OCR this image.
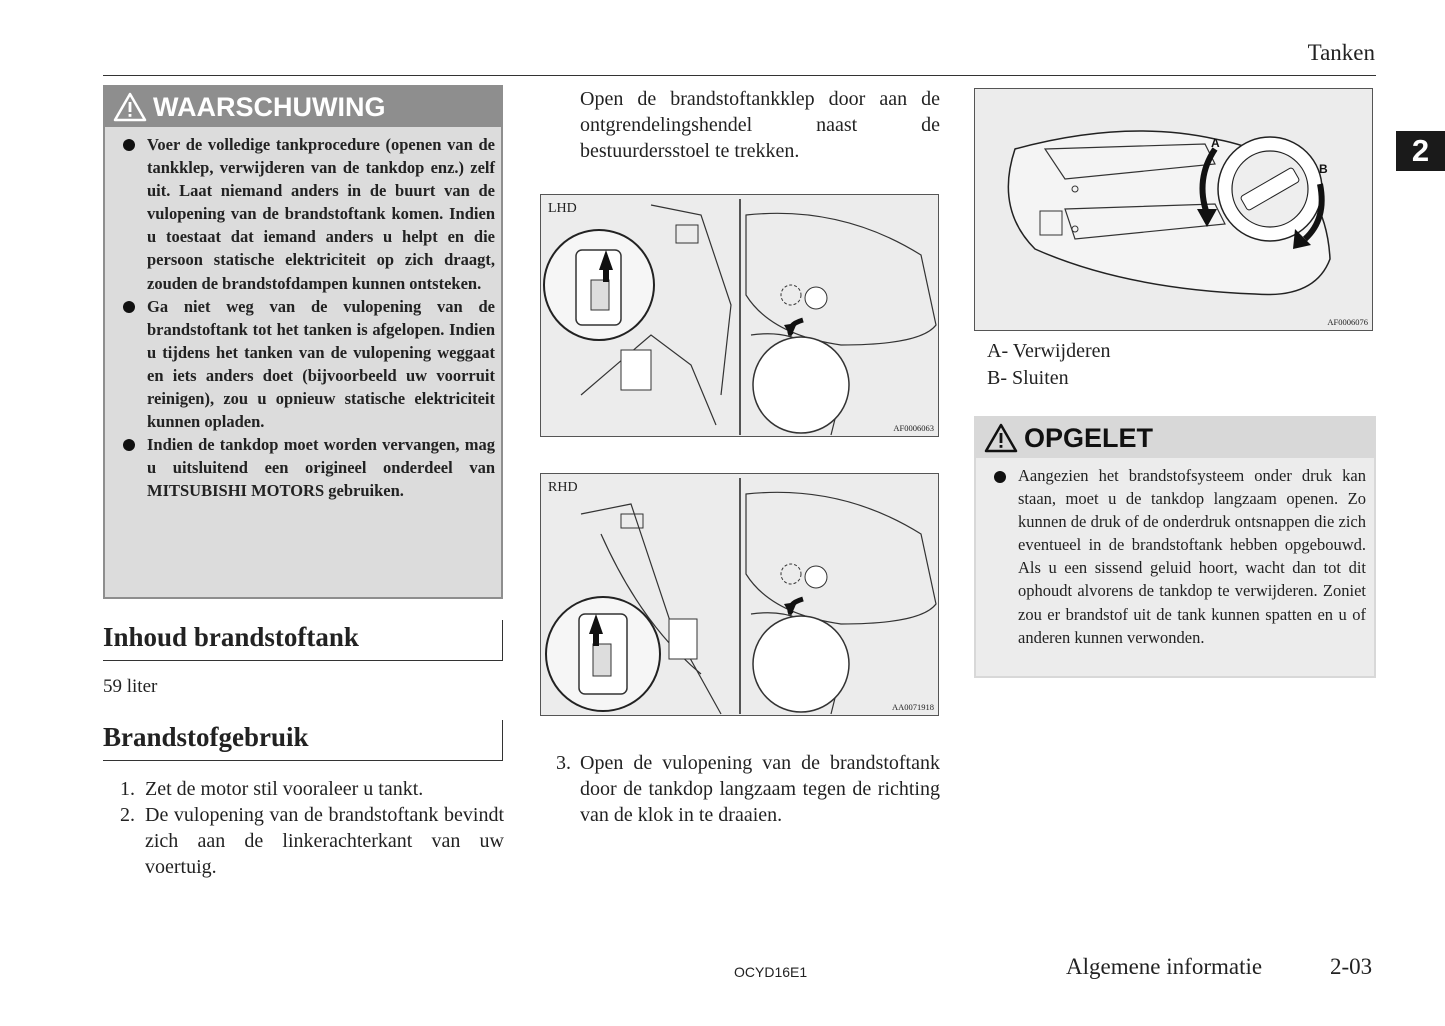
Tanken
2
WAARSCHUWING
Voer de volledige tankprocedure (openen van de tankklep, verwijderen van de tankdop enz.) zelf uit. Laat niemand anders in de buurt van de vulopening van de brandstoftank komen. Indien u toestaat dat iemand anders u helpt en die persoon statische elektriciteit op zich draagt, zouden de brandstofdampen kunnen ontsteken.
Ga niet weg van de vulopening van de brandstoftank tot het tanken is afgelopen. Indien u tijdens het tanken van de vulopening weggaat en iets anders doet (bijvoorbeeld uw voorruit reinigen), zou u opnieuw statische elektriciteit kunnen opladen.
Indien de tankdop moet worden vervangen, mag u uitsluitend een origineel onderdeel van MITSUBISHI MOTORS gebruiken.
Inhoud brandstoftank
59 liter
Brandstofgebruik
1. Zet de motor stil vooraleer u tankt.
2. De vulopening van de brandstoftank bevindt zich aan de linkerachterkant van uw voertuig.
Open de brandstoftankklep door aan de ontgrendelingshendel naast de bestuurdersstoel te trekken.
LHD
AF0006063
RHD
AA0071918
3. Open de vulopening van de brandstoftank door de tankdop langzaam tegen de richting van de klok in te draaien.
A
B
AF0006076
A- Verwijderen
B- Sluiten
OPGELET
Aangezien het brandstofsysteem onder druk kan staan, moet u de tankdop langzaam openen. Zo kunnen de druk of de onderdruk ontsnappen die zich eventueel in de brandstoftank hebben opgebouwd. Als u een sissend geluid hoort, wacht dan tot dit ophoudt alvorens de tankdop te verwijderen. Zoniet zou er brandstof uit de tank kunnen spatten en u of anderen kunnen verwonden.
OCYD16E1	Algemene informatie	2-03
